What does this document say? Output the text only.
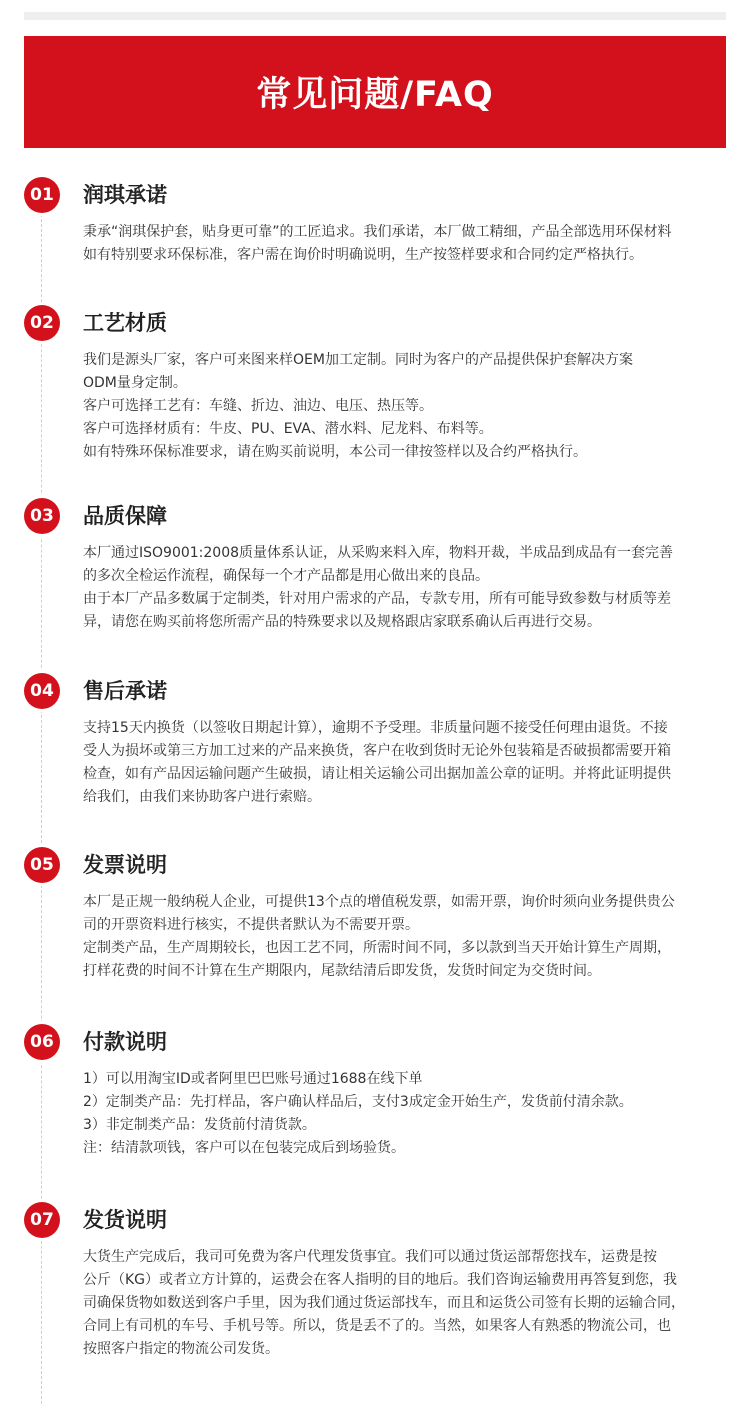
常见问题/FAQ
01 润琪承诺

秉承“润琪保护套，贴身更可靠”的工匠追求。我们承诺，本厂做工精细，产品全部选用环保材料

如有特别要求环保标准，客户需在询价时明确说明，生产按签样要求和合同约定严格执行。

02 工艺材质

我们是源头厂家，客户可来图来样OEM加工定制。同时为客户的产品提供保护套解决方案

ODM量身定制。

客户可选择工艺有：车缝、折边、油边、电压、热压等。

客户可选择材质有：牛皮、PU、EVA、潜水料、尼龙料、布料等。

如有特殊环保标准要求，请在购买前说明，本公司一律按签样以及合约严格执行。

03 品质保障

本厂通过ISO9001:2008质量体系认证，从采购来料入库，物料开裁，半成品到成品有一套完善

的多次全检运作流程，确保每一个才产品都是用心做出来的良品。

由于本厂产品多数属于定制类，针对用户需求的产品，专款专用，所有可能导致参数与材质等差

异，请您在购买前将您所需产品的特殊要求以及规格跟店家联系确认后再进行交易。

04 售后承诺

支持15天内换货（以签收日期起计算），逾期不予受理。非质量问题不接受任何理由退货。不接

受人为损坏或第三方加工过来的产品来换货，客户在收到货时无论外包装箱是否破损都需要开箱

检查，如有产品因运输问题产生破损，请让相关运输公司出据加盖公章的证明。并将此证明提供

给我们，由我们来协助客户进行索赔。

05 发票说明

本厂是正规一般纳税人企业，可提供13个点的增值税发票，如需开票，询价时须向业务提供贵公

司的开票资料进行核实，不提供者默认为不需要开票。

定制类产品，生产周期较长，也因工艺不同，所需时间不同，多以款到当天开始计算生产周期，

打样花费的时间不计算在生产期限内，尾款结清后即发货，发货时间定为交货时间。

06 付款说明

1）可以用淘宝ID或者阿里巴巴账号通过1688在线下单

2）定制类产品：先打样品，客户确认样品后，支付3成定金开始生产，发货前付清余款。

3）非定制类产品：发货前付清货款。

注：结清款项钱，客户可以在包装完成后到场验货。

07 发货说明

大货生产完成后，我司可免费为客户代理发货事宜。我们可以通过货运部帮您找车，运费是按

公斤（KG）或者立方计算的，运费会在客人指明的目的地后。我们咨询运输费用再答复到您，我

司确保货物如数送到客户手里，因为我们通过货运部找车，而且和运货公司签有长期的运输合同，

合同上有司机的车号、手机号等。所以，货是丢不了的。当然，如果客人有熟悉的物流公司，也

按照客户指定的物流公司发货。
